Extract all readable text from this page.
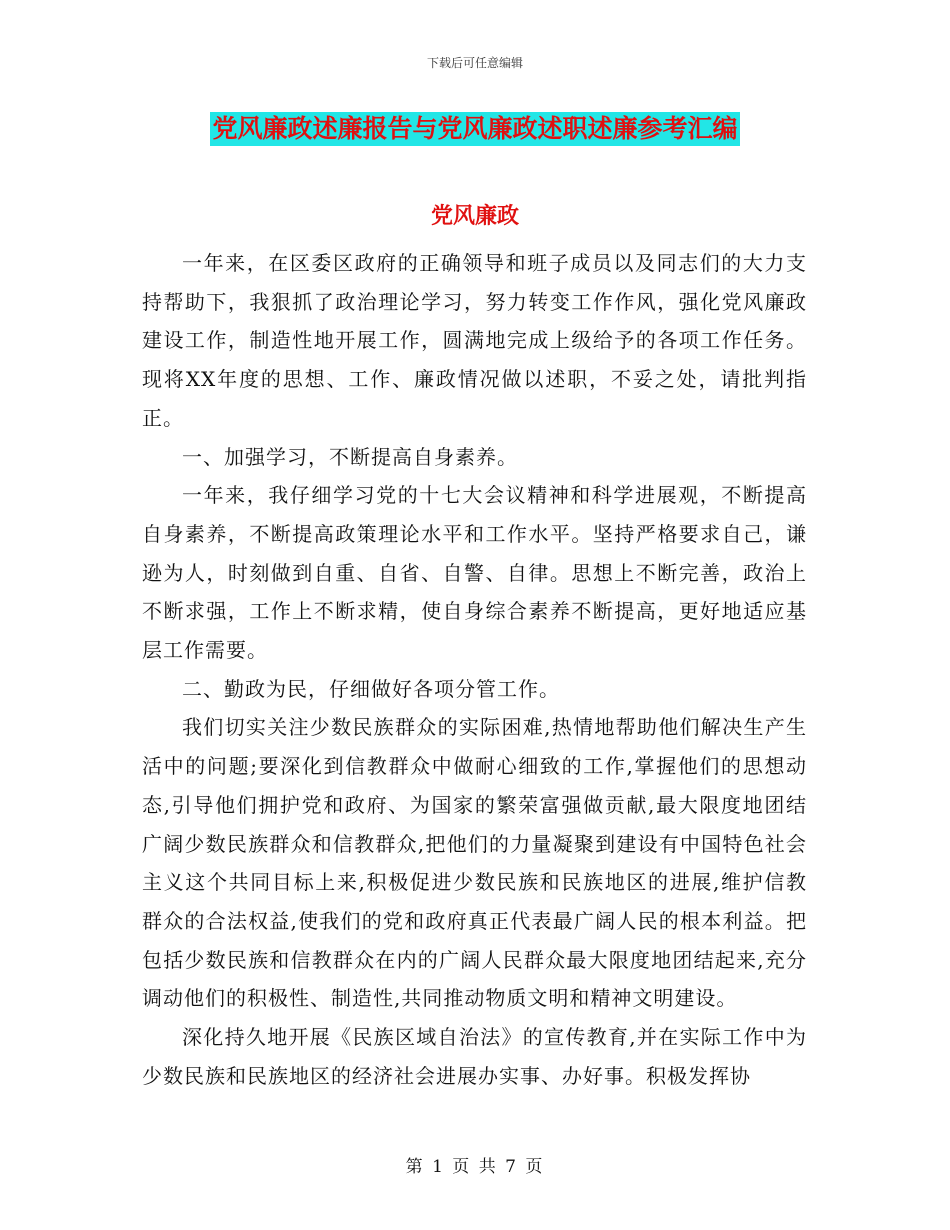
下载后可任意编辑
党风廉政述廉报告与党风廉政述职述廉参考汇编
党风廉政

一年来，在区委区政府的正确领导和班子成员以及同志们的大力支持帮助下，我狠抓了政治理论学习，努力转变工作作风，强化党风廉政建设工作，制造性地开展工作，圆满地完成上级给予的各项工作任务。现将XX年度的思想、工作、廉政情况做以述职，不妥之处，请批判指正。

一、加强学习，不断提高自身素养。

一年来，我仔细学习党的十七大会议精神和科学进展观，不断提高自身素养，不断提高政策理论水平和工作水平。坚持严格要求自己，谦逊为人，时刻做到自重、自省、自警、自律。思想上不断完善，政治上不断求强，工作上不断求精，使自身综合素养不断提高，更好地适应基层工作需要。

二、勤政为民，仔细做好各项分管工作。

我们切实关注少数民族群众的实际困难,热情地帮助他们解决生产生活中的问题;要深化到信教群众中做耐心细致的工作,掌握他们的思想动态,引导他们拥护党和政府、为国家的繁荣富强做贡献,最大限度地团结广阔少数民族群众和信教群众,把他们的力量凝聚到建设有中国特色社会主义这个共同目标上来,积极促进少数民族和民族地区的进展,维护信教群众的合法权益,使我们的党和政府真正代表最广阔人民的根本利益。把包括少数民族和信教群众在内的广阔人民群众最大限度地团结起来,充分调动他们的积极性、制造性,共同推动物质文明和精神文明建设。

深化持久地开展《民族区域自治法》的宣传教育,并在实际工作中为少数民族和民族地区的经济社会进展办实事、办好事。积极发挥协

第 1 页 共 7 页
